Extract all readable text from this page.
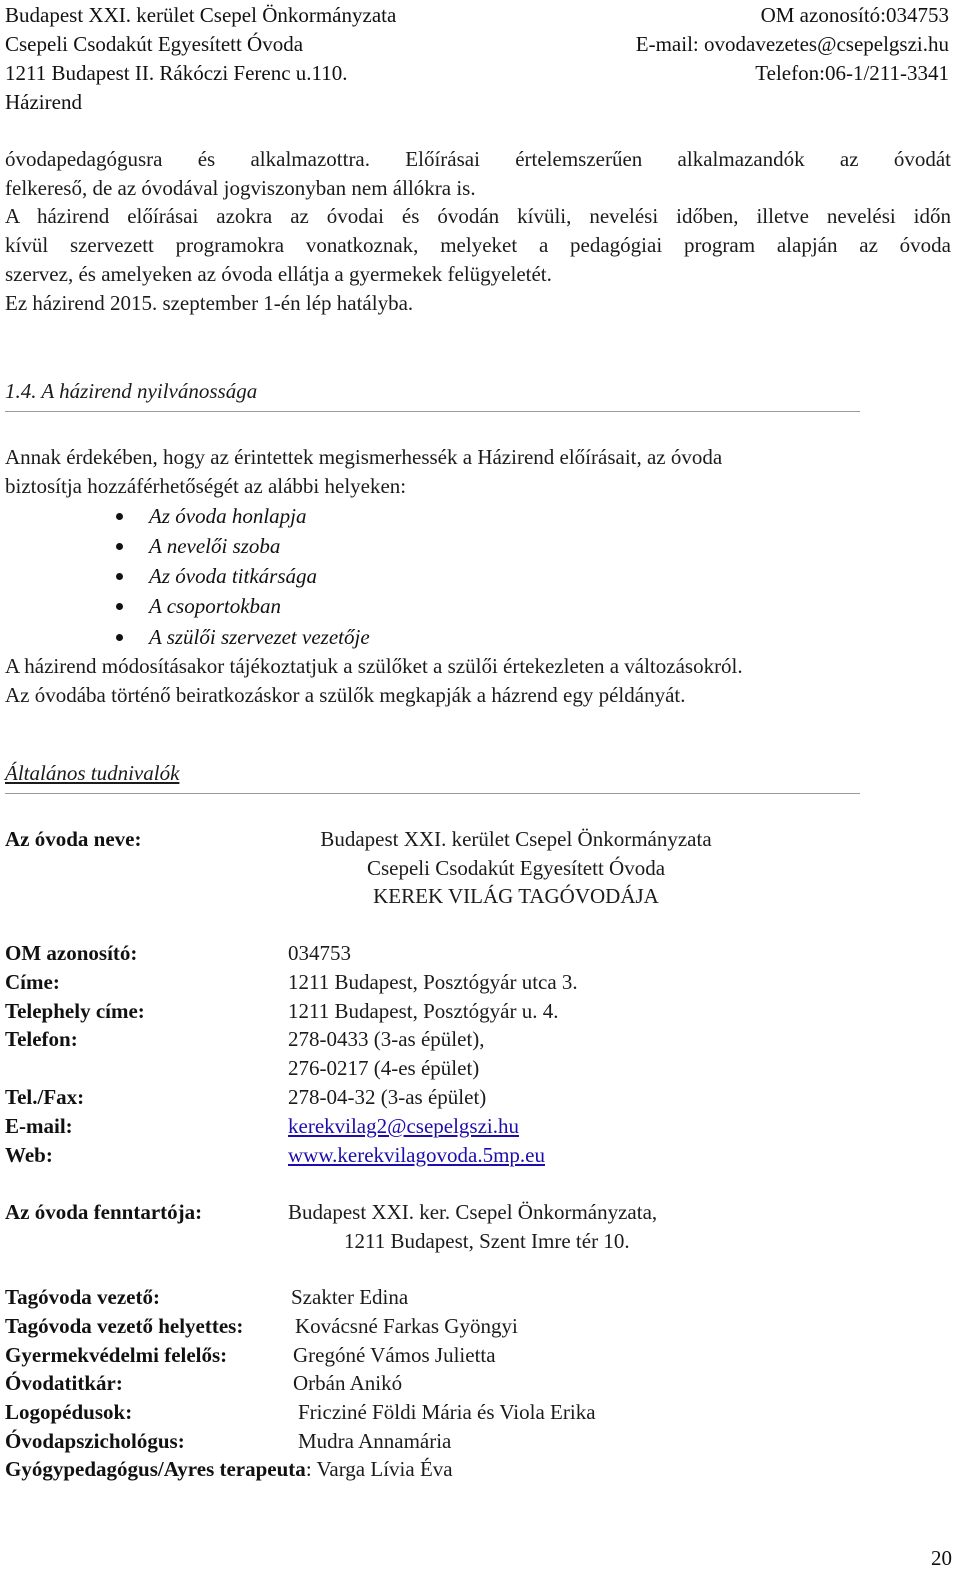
Budapest XXI. kerület Csepel Önkormányzata
Csepeli Csodakút Egyesített Óvoda
1211 Budapest II. Rákóczi Ferenc u.110.
Házirend
OM azonosító:034753
E-mail: ovodavezetes@csepelgszi.hu
Telefon:06-1/211-3341
óvodapedagógusra és alkalmazottra. Előírásai értelemszerűen alkalmazandók az óvodát
felkereső, de az óvodával jogviszonyban nem állókra is.
A házirend előírásai azokra az óvodai és óvodán kívüli, nevelési időben, illetve nevelési időn
kívül szervezett programokra vonatkoznak, melyeket a pedagógiai program alapján az óvoda
szervez, és amelyeken az óvoda ellátja a gyermekek felügyeletét.
Ez házirend 2015. szeptember 1-én lép hatályba.
1.4. A házirend nyilvánossága
Annak érdekében, hogy az érintettek megismerhessék a Házirend előírásait, az óvoda
biztosítja hozzáférhetőségét az alábbi helyeken:
Az óvoda honlapja
A nevelői szoba
Az óvoda titkársága
A csoportokban
A szülői szervezet vezetője
A házirend módosításakor tájékoztatjuk a szülőket a szülői értekezleten a változásokról.
Az óvodába történő beiratkozáskor a szülők megkapják a házrend egy példányát.
Általános tudnivalók
Az óvoda neve:	Budapest XXI. kerület Csepel Önkormányzata
Csepeli Csodakút Egyesített Óvoda
KEREK VILÁG TAGÓVODÁJA
OM azonosító:	034753
Címe:	1211 Budapest, Posztógyár utca 3.
Telephely címe:	1211 Budapest, Posztógyár u. 4.
Telefon:	278-0433 (3-as épület),
276-0217 (4-es épület)
Tel./Fax:	278-04-32 (3-as épület)
E-mail:	kerekvilag2@csepelgszi.hu
Web:	www.kerekvilagovoda.5mp.eu
Az óvoda fenntartója:	Budapest XXI. ker. Csepel Önkormányzata,
1211 Budapest, Szent Imre tér 10.
Tagóvoda vezető:	Szakter Edina
Tagóvoda vezető helyettes: Kovácsné Farkas Gyöngyi
Gyermekvédelmi felelős:	Gregóné Vámos Julietta
Óvodatitkár:	Orbán Anikó
Logopédusok:	Fricziné Földi Mária és Viola Erika
Óvodapszichológus:	Mudra Annamária
Gyógypedagógus/Ayres terapeuta: Varga Lívia Éva
20
